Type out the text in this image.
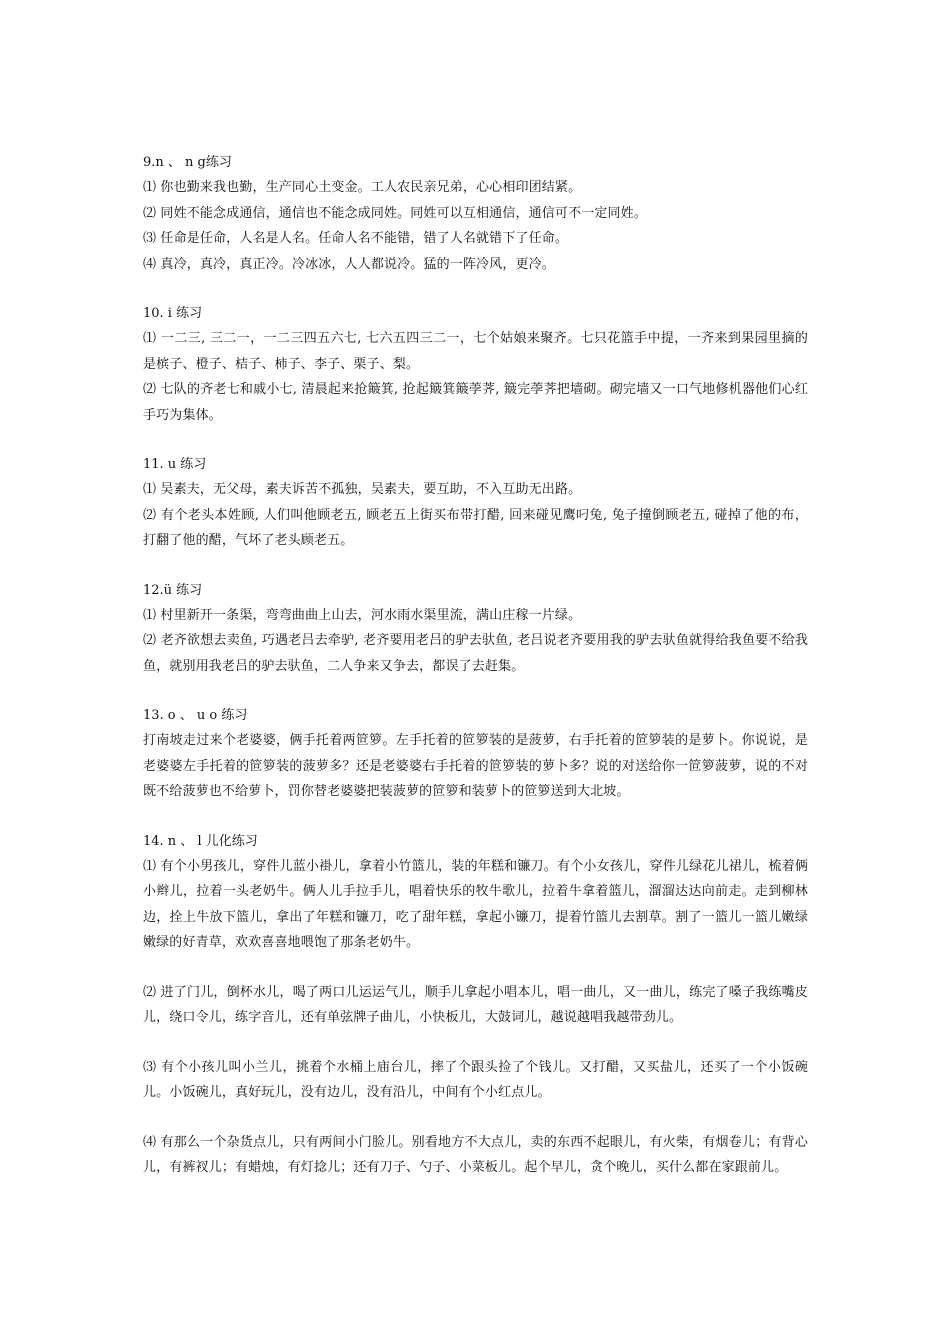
9.n 、 n g练习

⑴ 你也勤来我也勤，生产同心土变金。工人农民亲兄弟，心心相印团结紧。

⑵ 同姓不能念成通信，通信也不能念成同姓。同姓可以互相通信，通信可不一定同姓。

⑶ 任命是任命，人名是人名。任命人名不能错，错了人名就错下了任命。

⑷ 真冷，真冷，真正冷。冷冰冰，人人都说冷。猛的一阵冷风，更冷。

10. i 练习

⑴ 一二三, 三二一，一二三四五六七, 七六五四三二一，七个姑娘来聚齐。七只花篮手中提，一齐来到果园里摘的是槟子、橙子、桔子、柿子、李子、栗子、梨。

⑵ 七队的齐老七和戚小七, 清晨起来抢簸箕, 抢起簸箕簸荸荠, 簸完荸荠把墙砌。砌完墙又一口气地修机器他们心红手巧为集体。

11. u 练习

⑴ 吴素夫，无父母，素夫诉苦不孤独，吴素夫，要互助，不入互助无出路。

⑵ 有个老头本姓顾, 人们叫他顾老五, 顾老五上街买布带打醋, 回来碰见鹰叼兔, 兔子撞倒顾老五, 碰掉了他的布，打翻了他的醋，气坏了老头顾老五。

12.ü 练习

⑴ 村里新开一条渠，弯弯曲曲上山去，河水雨水渠里流，满山庄稼一片绿。

⑵ 老齐欲想去卖鱼, 巧遇老吕去牵驴, 老齐要用老吕的驴去驮鱼, 老吕说老齐要用我的驴去驮鱼就得给我鱼要不给我鱼，就别用我老吕的驴去驮鱼，二人争来又争去，都误了去赶集。

13. o 、 u o 练习

打南坡走过来个老婆婆，俩手托着两笸箩。左手托着的笸箩装的是菠萝，右手托着的笸箩装的是萝卜。你说说，是老婆婆左手托着的笸箩装的菠萝多？还是老婆婆右手托着的笸箩装的萝卜多？说的对送给你一笸箩菠萝，说的不对既不给菠萝也不给萝卜，罚你替老婆婆把装菠萝的笸箩和装萝卜的笸箩送到大北坡。

14. n 、 l 儿化练习

⑴ 有个小男孩儿，穿件儿蓝小褂儿，拿着小竹篮儿，装的年糕和镰刀。有个小女孩儿，穿件儿绿花儿裙儿，梳着俩小辫儿，拉着一头老奶牛。俩人儿手拉手儿，唱着快乐的牧牛歌儿，拉着牛拿着篮儿，溜溜达达向前走。走到柳林边，拴上牛放下篮儿，拿出了年糕和镰刀，吃了甜年糕，拿起小镰刀，提着竹篮儿去割草。割了一篮儿一篮儿嫩绿嫩绿的好青草，欢欢喜喜地喂饱了那条老奶牛。

⑵ 进了门儿，倒杯水儿，喝了两口儿运运气儿，顺手儿拿起小唱本儿，唱一曲儿，又一曲儿，练完了嗓子我练嘴皮儿，绕口令儿，练字音儿，还有单弦牌子曲儿，小快板儿，大鼓词儿，越说越唱我越带劲儿。

⑶ 有个小孩儿叫小兰儿，挑着个水桶上庙台儿，摔了个跟头捡了个钱儿。又打醋，又买盐儿，还买了一个小饭碗儿。小饭碗儿，真好玩儿，没有边儿，没有沿儿，中间有个小红点儿。

⑷ 有那么一个杂货点儿，只有两间小门脸儿。别看地方不大点儿，卖的东西不起眼儿，有火柴，有烟卷儿；有背心儿，有裤衩儿；有蜡烛，有灯捻儿；还有刀子、勺子、小菜板儿。起个早儿，贪个晚儿，买什么都在家跟前儿。
